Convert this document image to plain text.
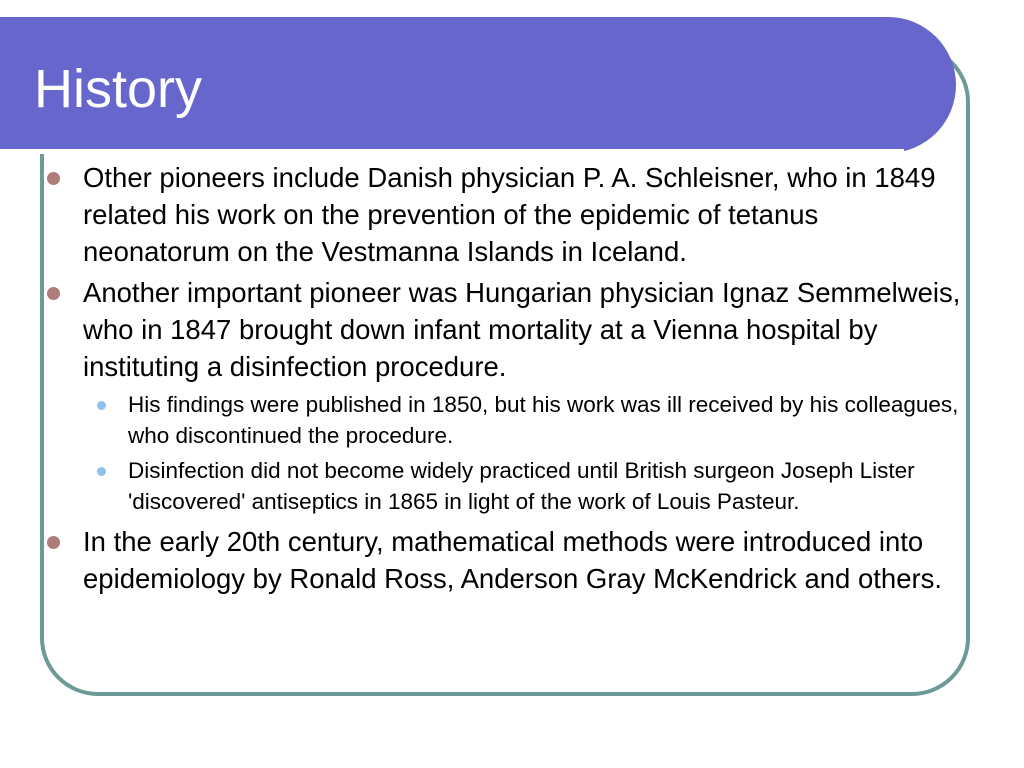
History

Other pioneers include Danish physician P. A. Schleisner, who in 1849 related his work on the prevention of the epidemic of tetanus neonatorum on the Vestmanna Islands in Iceland.

Another important pioneer was Hungarian physician Ignaz Semmelweis, who in 1847 brought down infant mortality at a Vienna hospital by instituting a disinfection procedure.

His findings were published in 1850, but his work was ill received by his colleagues, who discontinued the procedure.

Disinfection did not become widely practiced until British surgeon Joseph Lister 'discovered' antiseptics in 1865 in light of the work of Louis Pasteur.

In the early 20th century, mathematical methods were introduced into epidemiology by Ronald Ross, Anderson Gray McKendrick and others.
